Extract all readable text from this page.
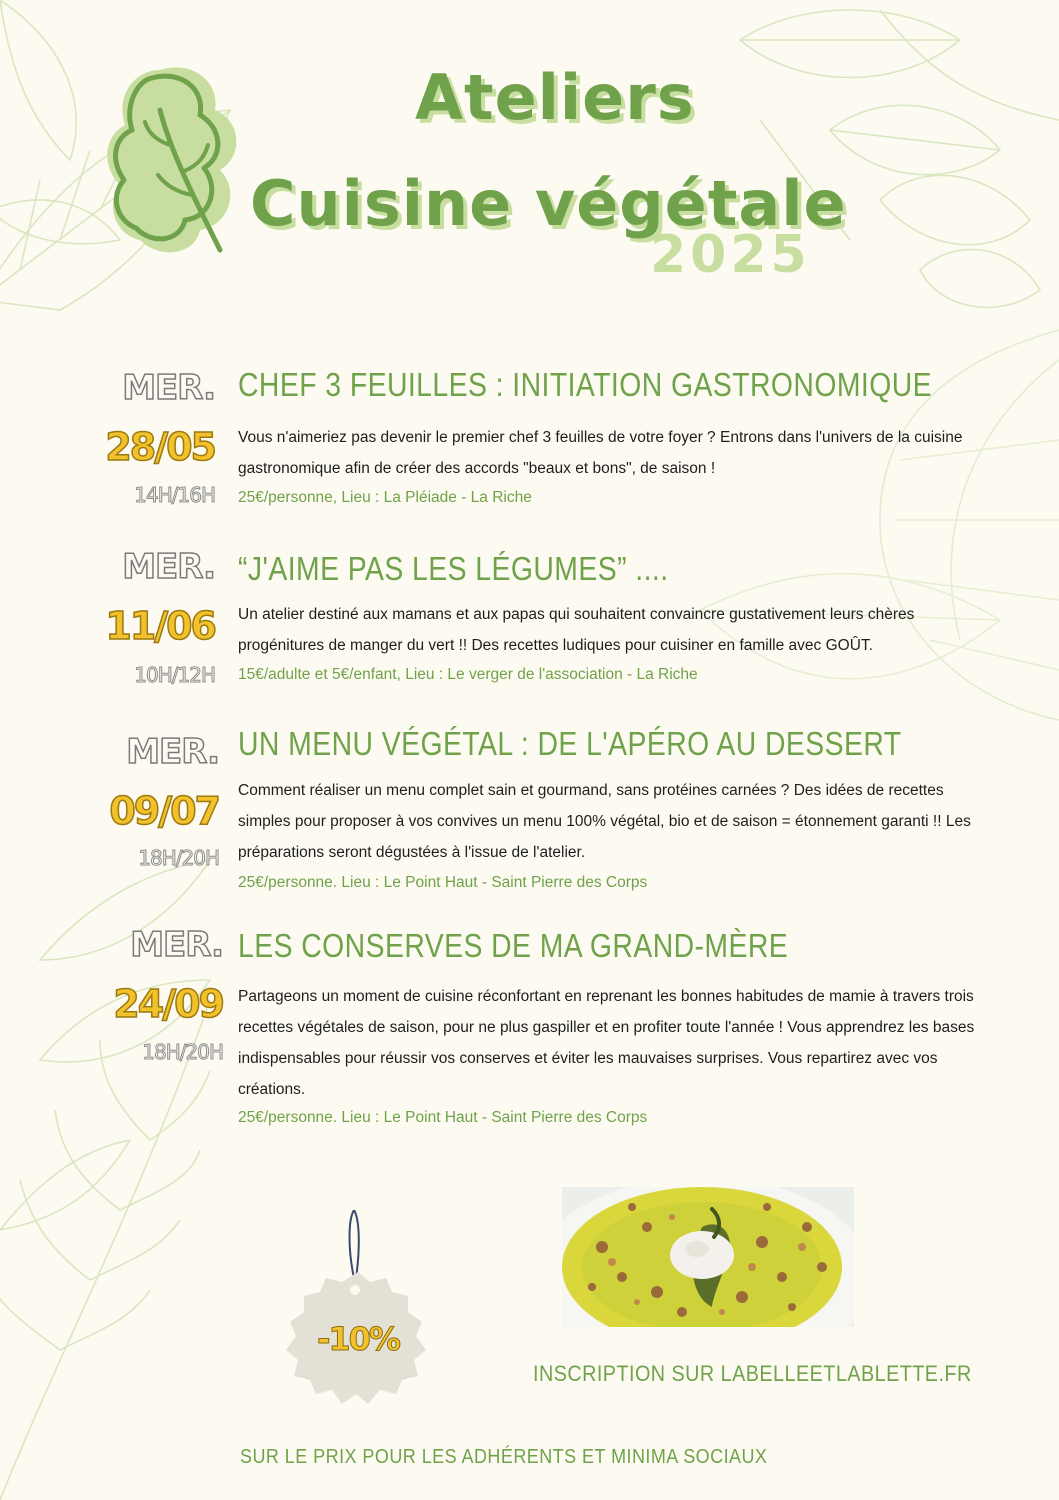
Ateliers
Cuisine végétale
2025
MER.
28/05
14H/16H
CHEF 3 FEUILLES : INITIATION GASTRONOMIQUE
Vous n'aimeriez pas devenir le premier chef 3 feuilles de votre foyer ? Entrons dans l'univers de la cuisine gastronomique afin de créer des accords "beaux et bons", de saison !
25€/personne, Lieu : La Pléiade - La Riche
MER.
11/06
10H/12H
“J'AIME PAS LES LÉGUMES” ....
Un atelier destiné aux mamans et aux papas qui souhaitent convaincre gustativement leurs chères progénitures de manger du vert !! Des recettes ludiques pour cuisiner en famille avec GOÛT.
15€/adulte et 5€/enfant, Lieu : Le verger de l'association - La Riche
MER.
09/07
18H/20H
UN MENU VÉGÉTAL : DE L'APÉRO AU DESSERT
Comment réaliser un menu complet sain et gourmand, sans protéines carnées ? Des idées de recettes simples pour proposer à vos convives un menu 100% végétal, bio et de saison = étonnement garanti !! Les préparations seront dégustées à l'issue de l'atelier.
25€/personne. Lieu : Le Point Haut - Saint Pierre des Corps
MER.
24/09
18H/20H
LES CONSERVES DE MA GRAND-MÈRE
Partageons un moment de cuisine réconfortant en reprenant les bonnes habitudes de mamie à travers trois recettes végétales de saison, pour ne plus gaspiller et en profiter toute l'année ! Vous apprendrez les bases indispensables pour réussir vos conserves et éviter les mauvaises surprises. Vous repartirez avec vos créations.
25€/personne. Lieu : Le Point Haut - Saint Pierre des Corps
-10%
INSCRIPTION SUR LABELLEETLABLETTE.FR
SUR LE PRIX POUR LES ADHÉRENTS ET MINIMA SOCIAUX
